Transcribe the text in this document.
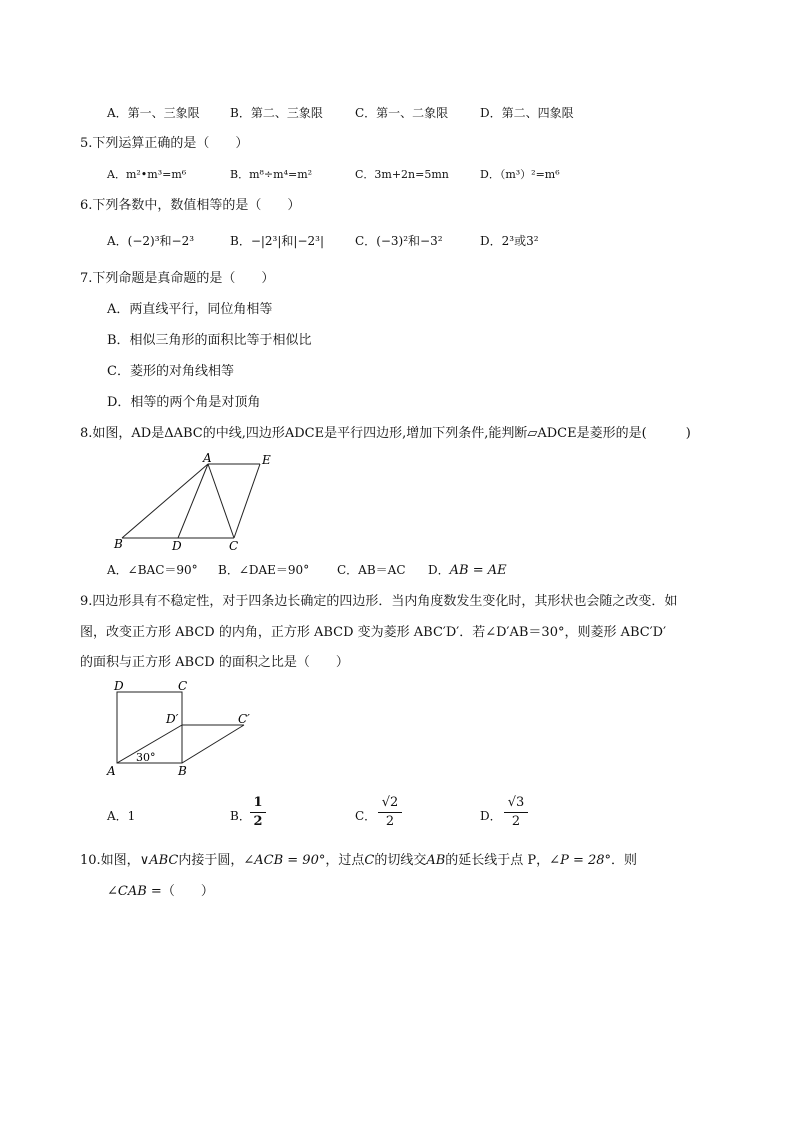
A．第一、三象限	B．第二、三象限	C．第一、二象限	D．第二、四象限
5.下列运算正确的是（　　）
A．m²•m³=m⁶	B．m⁸÷m⁴=m²	C．3m+2n=5mn	D．（m³）²=m⁶
6.下列各数中，数值相等的是（　　）
A．(−2)³和−2³	B．−|2³|和|−2³|	C．(−3)²和−3²	D．2³或3²
7.下列命题是真命题的是（　　）
A．两直线平行，同位角相等
B．相似三角形的面积比等于相似比
C．菱形的对角线相等
D．相等的两个角是对顶角
8.如图，AD是ΔABC的中线,四边形ADCE是平行四边形,增加下列条件,能判断▱ADCE是菱形的是(　　　)
A	E
B	D	C
A．∠BAC＝90° B．∠DAE＝90° C．AB＝AC D．AB = AE
9.四边形具有不稳定性，对于四条边长确定的四边形．当内角度数发生变化时，其形状也会随之改变．如
图，改变正方形 ABCD 的内角，正方形 ABCD 变为菱形 ABC′D′．若∠D′AB＝30°，则菱形 ABC′D′
的面积与正方形 ABCD 的面积之比是（　　）
D	C
D′	C′
A	B
30°
A．1	B．
1
2	C．
√2
2	D．
√3
2
10.如图，∨ABC内接于圆，∠ACB = 90°，过点C的切线交AB的延长线于点 P，∠P = 28°．则
∠CAB =（　　）
